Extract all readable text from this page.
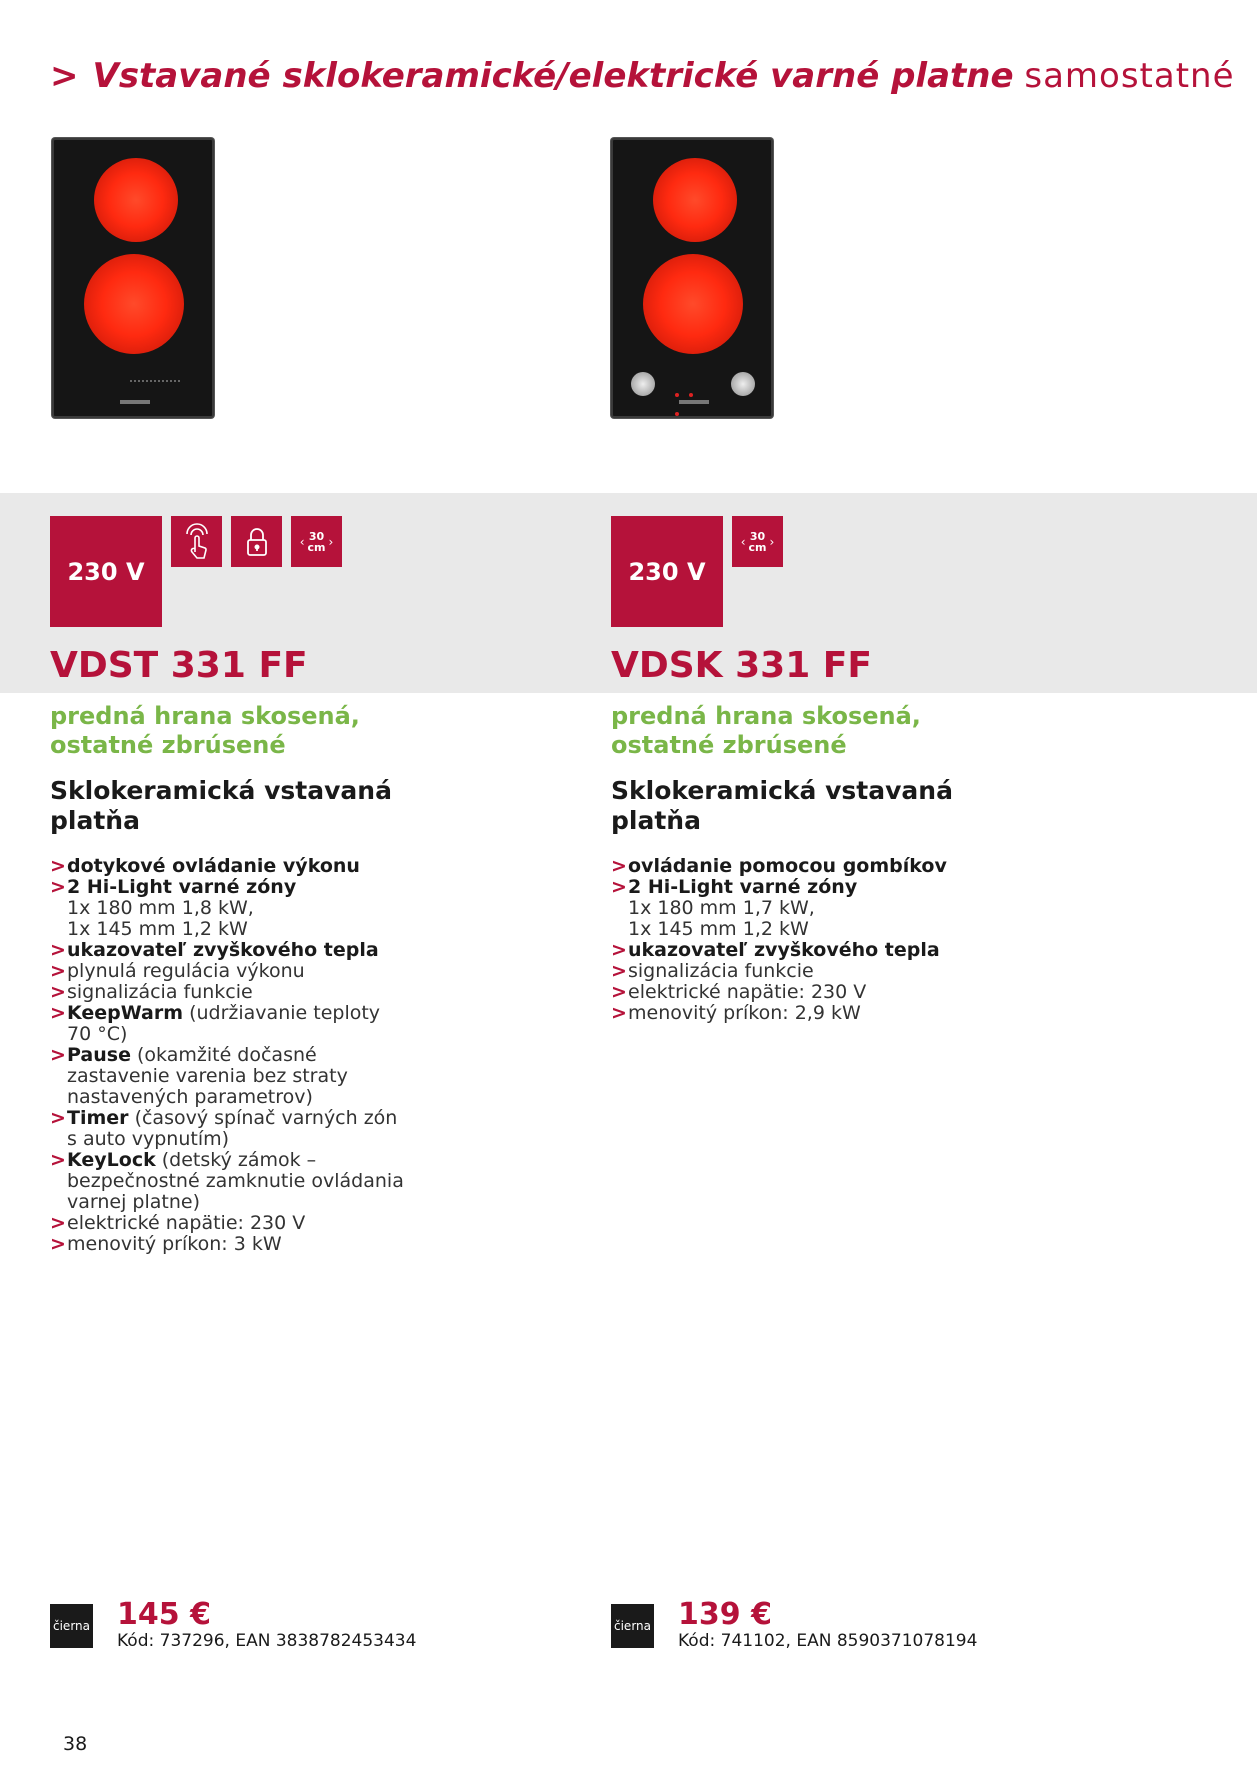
> Vstavané sklokeramické/elektrické varné platne samostatné
230 V
‹ 30
cm ›
VDST 331 FF
predná hrana skosená,
ostatné zbrúsené
Sklokeramická vstavaná
platňa
> dotykové ovládanie výkonu
> 2 Hi-Light varné zóny
1x 180 mm 1,8 kW,
1x 145 mm 1,2 kW
> ukazovateľ zvyškového tepla
> plynulá regulácia výkonu
> signalizácia funkcie
> KeepWarm (udržiavanie teploty 70 °C)
> Pause (okamžité dočasné zastavenie varenia bez straty nastavených parametrov)
> Timer (časový spínač varných zón s auto vypnutím)
> KeyLock (detský zámok – bezpečnostné zamknutie ovládania varnej platne)
> elektrické napätie: 230 V
> menovitý príkon: 3 kW
čierna 145 €
Kód: 737296, EAN 3838782453434
230 V
‹ 30
cm ›
VDSK 331 FF
predná hrana skosená,
ostatné zbrúsené
Sklokeramická vstavaná
platňa
> ovládanie pomocou gombíkov
> 2 Hi-Light varné zóny
1x 180 mm 1,7 kW,
1x 145 mm 1,2 kW
> ukazovateľ zvyškového tepla
> signalizácia funkcie
> elektrické napätie: 230 V
> menovitý príkon: 2,9 kW
čierna 139 €
Kód: 741102, EAN 8590371078194
38
